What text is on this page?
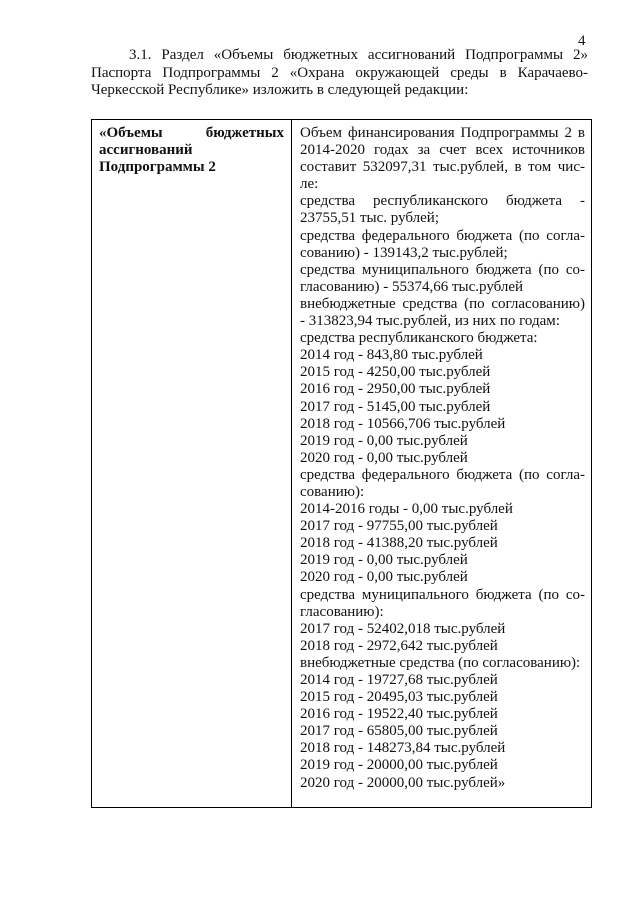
4
3.1. Раздел «Объемы бюджетных ассигнований Подпрограммы 2» Паспорта Подпрограммы 2 «Охрана окружающей среды в Карачаево-Черкесской Республике» изложить в следующей редакции:
«Объемы бюджетных ассигнований Подпрограммы 2
Объем финансирования Подпрограммы 2 в
2014-2020 годах за счет всех источников
составит 532097,31 тыс.рублей, в том чис-
ле:
средства республиканского бюджета -
23755,51 тыс. рублей;
средства федерального бюджета (по согла-
сованию) - 139143,2 тыс.рублей;
средства муниципального бюджета (по со-
гласованию) - 55374,66 тыс.рублей
внебюджетные средства (по согласованию)
- 313823,94 тыс.рублей, из них по годам:
средства республиканского бюджета:
2014 год - 843,80 тыс.рублей
2015 год - 4250,00 тыс.рублей
2016 год - 2950,00 тыс.рублей
2017 год - 5145,00 тыс.рублей
2018 год - 10566,706 тыс.рублей
2019 год - 0,00 тыс.рублей
2020 год - 0,00 тыс.рублей
средства федерального бюджета (по согла-
сованию):
2014-2016 годы - 0,00 тыс.рублей
2017 год - 97755,00 тыс.рублей
2018 год - 41388,20 тыс.рублей
2019 год - 0,00 тыс.рублей
2020 год - 0,00 тыс.рублей
средства муниципального бюджета (по со-
гласованию):
2017 год - 52402,018 тыс.рублей
2018 год - 2972,642 тыс.рублей
внебюджетные средства (по согласованию):
2014 год - 19727,68 тыс.рублей
2015 год - 20495,03 тыс.рублей
2016 год - 19522,40 тыс.рублей
2017 год - 65805,00 тыс.рублей
2018 год - 148273,84 тыс.рублей
2019 год - 20000,00 тыс.рублей
2020 год - 20000,00 тыс.рублей»
